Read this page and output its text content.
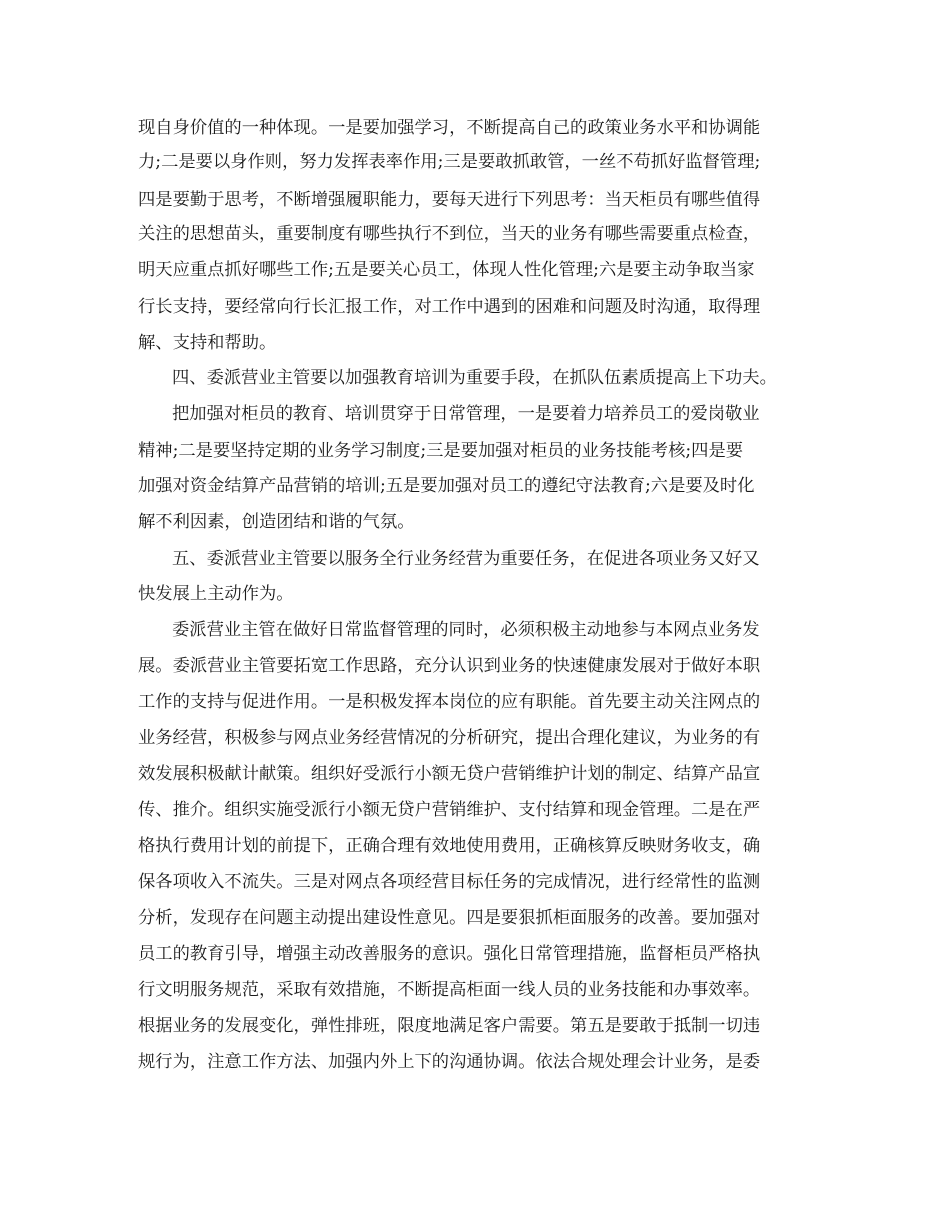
现自身价值的一种体现。一是要加强学习，不断提高自己的政策业务水平和协调能
力;二是要以身作则，努力发挥表率作用;三是要敢抓敢管，一丝不苟抓好监督管理;
四是要勤于思考，不断增强履职能力，要每天进行下列思考：当天柜员有哪些值得
关注的思想苗头，重要制度有哪些执行不到位，当天的业务有哪些需要重点检查，
明天应重点抓好哪些工作;五是要关心员工，体现人性化管理;六是要主动争取当家
行长支持，要经常向行长汇报工作，对工作中遇到的困难和问题及时沟通，取得理
解、支持和帮助。
四、委派营业主管要以加强教育培训为重要手段，在抓队伍素质提高上下功夫。
把加强对柜员的教育、培训贯穿于日常管理，一是要着力培养员工的爱岗敬业
精神;二是要坚持定期的业务学习制度;三是要加强对柜员的业务技能考核;四是要
加强对资金结算产品营销的培训;五是要加强对员工的遵纪守法教育;六是要及时化
解不利因素，创造团结和谐的气氛。
五、委派营业主管要以服务全行业务经营为重要任务，在促进各项业务又好又
快发展上主动作为。
委派营业主管在做好日常监督管理的同时，必须积极主动地参与本网点业务发
展。委派营业主管要拓宽工作思路，充分认识到业务的快速健康发展对于做好本职
工作的支持与促进作用。一是积极发挥本岗位的应有职能。首先要主动关注网点的
业务经营，积极参与网点业务经营情况的分析研究，提出合理化建议，为业务的有
效发展积极献计献策。组织好受派行小额无贷户营销维护计划的制定、结算产品宣
传、推介。组织实施受派行小额无贷户营销维护、支付结算和现金管理。二是在严
格执行费用计划的前提下，正确合理有效地使用费用，正确核算反映财务收支，确
保各项收入不流失。三是对网点各项经营目标任务的完成情况，进行经常性的监测
分析，发现存在问题主动提出建设性意见。四是要狠抓柜面服务的改善。要加强对
员工的教育引导，增强主动改善服务的意识。强化日常管理措施，监督柜员严格执
行文明服务规范，采取有效措施，不断提高柜面一线人员的业务技能和办事效率。
根据业务的发展变化，弹性排班，限度地满足客户需要。第五是要敢于抵制一切违
规行为，注意工作方法、加强内外上下的沟通协调。依法合规处理会计业务，是委
